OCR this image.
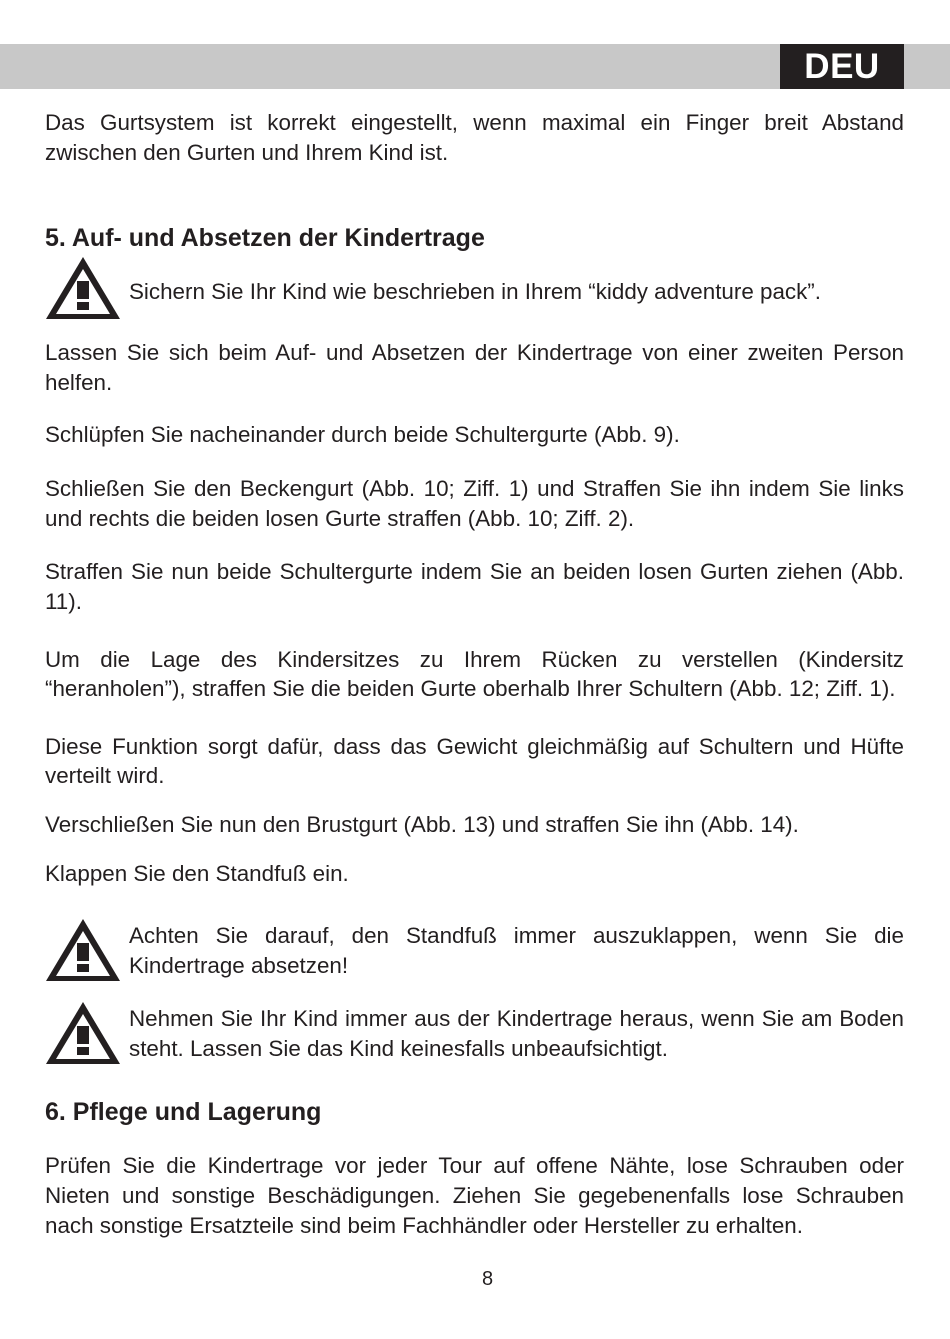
DEU

Das Gurtsystem ist korrekt eingestellt, wenn maximal ein Finger breit Abstand zwischen den Gurten und Ihrem Kind ist.

5. Auf- und Absetzen der Kindertrage

Sichern Sie Ihr Kind wie beschrieben in Ihrem “kiddy adventure pack”.

Lassen Sie sich beim Auf- und Absetzen der Kindertrage von einer zweiten Person helfen.

Schlüpfen Sie nacheinander durch beide Schultergurte (Abb. 9).

Schließen Sie den Beckengurt (Abb. 10; Ziff. 1) und Straffen Sie ihn indem Sie links und rechts die beiden losen Gurte straffen (Abb. 10; Ziff. 2).

Straffen Sie nun beide Schultergurte indem Sie an beiden losen Gurten ziehen (Abb. 11).

Um die Lage des Kindersitzes zu Ihrem Rücken zu verstellen (Kindersitz “heranholen”), straffen Sie die beiden Gurte oberhalb Ihrer Schultern (Abb. 12; Ziff. 1).

Diese Funktion sorgt dafür, dass das Gewicht gleichmäßig auf Schultern und Hüfte verteilt wird.

Verschließen Sie nun den Brustgurt (Abb. 13) und straffen Sie ihn (Abb. 14).

Klappen Sie den Standfuß ein.

Achten Sie darauf, den Standfuß immer auszuklappen, wenn Sie die Kindertrage absetzen!

Nehmen Sie Ihr Kind immer aus der Kindertrage heraus, wenn Sie am Boden steht. Lassen Sie das Kind keinesfalls unbeaufsichtigt.

6. Pflege und Lagerung

Prüfen Sie die Kindertrage vor jeder Tour auf offene Nähte, lose Schrauben oder Nieten und sonstige Beschädigungen. Ziehen Sie gegebenenfalls lose Schrauben nach sonstige Ersatzteile sind beim Fachhändler oder Hersteller zu erhalten.

8
